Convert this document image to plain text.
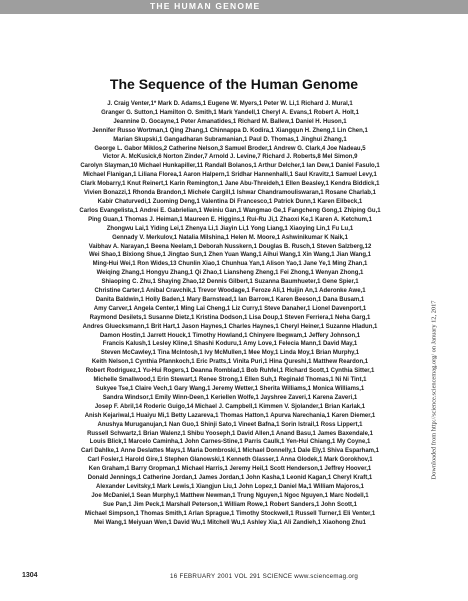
THE HUMAN GENOME
The Sequence of the Human Genome
J. Craig Venter,1* Mark D. Adams,1 Eugene W. Myers,1 Peter W. Li,1 Richard J. Mural,1
Granger G. Sutton,1 Hamilton O. Smith,1 Mark Yandell,1 Cheryl A. Evans,1 Robert A. Holt,1
Jeannine D. Gocayne,1 Peter Amanatides,1 Richard M. Ballew,1 Daniel H. Huson,1
Jennifer Russo Wortman,1 Qing Zhang,1 Chinnappa D. Kodira,1 Xiangqun H. Zheng,1 Lin Chen,1
Marian Skupski,1 Gangadharan Subramanian,1 Paul D. Thomas,1 Jinghui Zhang,1
George L. Gabor Miklos,2 Catherine Nelson,3 Samuel Broder,1 Andrew G. Clark,4 Joe Nadeau,5
Victor A. McKusick,6 Norton Zinder,7 Arnold J. Levine,7 Richard J. Roberts,8 Mel Simon,9
Carolyn Slayman,10 Michael Hunkapiller,11 Randall Bolanos,1 Arthur Delcher,1 Ian Dew,1 Daniel Fasulo,1
Michael Flanigan,1 Liliana Florea,1 Aaron Halpern,1 Sridhar Hannenhalli,1 Saul Kravitz,1 Samuel Levy,1
Clark Mobarry,1 Knut Reinert,1 Karin Remington,1 Jane Abu-Threideh,1 Ellen Beasley,1 Kendra Biddick,1
Vivien Bonazzi,1 Rhonda Brandon,1 Michele Cargill,1 Ishwar Chandramouliswaran,1 Rosane Charlab,1
Kabir Chaturvedi,1 Zuoming Deng,1 Valentina Di Francesco,1 Patrick Dunn,1 Karen Eilbeck,1
Carlos Evangelista,1 Andrei E. Gabrielian,1 Weiniu Gan,1 Wangmao Ge,1 Fangcheng Gong,1 Zhiping Gu,1
Ping Guan,1 Thomas J. Heiman,1 Maureen E. Higgins,1 Rui-Ru Ji,1 Zhaoxi Ke,1 Karen A. Ketchum,1
Zhongwu Lai,1 Yiding Lei,1 Zhenya Li,1 Jiayin Li,1 Yong Liang,1 Xiaoying Lin,1 Fu Lu,1
Gennady V. Merkulov,1 Natalia Milshina,1 Helen M. Moore,1 Ashwinikumar K Naik,1
Vaibhav A. Narayan,1 Beena Neelam,1 Deborah Nusskern,1 Douglas B. Rusch,1 Steven Salzberg,12
Wei Shao,1 Bixiong Shue,1 Jingtao Sun,1 Zhen Yuan Wang,1 Aihui Wang,1 Xin Wang,1 Jian Wang,1
Ming-Hui Wei,1 Ron Wides,13 Chunlin Xiao,1 Chunhua Yan,1 Alison Yao,1 Jane Ye,1 Ming Zhan,1
Weiqing Zhang,1 Hongyu Zhang,1 Qi Zhao,1 Liansheng Zheng,1 Fei Zhong,1 Wenyan Zhong,1
Shiaoping C. Zhu,1 Shaying Zhao,12 Dennis Gilbert,1 Suzanna Baumhueter,1 Gene Spier,1
Christine Carter,1 Anibal Cravchik,1 Trevor Woodage,1 Feroze Ali,1 Huijin An,1 Aderonke Awe,1
Danita Baldwin,1 Holly Baden,1 Mary Barnstead,1 Ian Barrow,1 Karen Beeson,1 Dana Busam,1
Amy Carver,1 Angela Center,1 Ming Lai Cheng,1 Liz Curry,1 Steve Danaher,1 Lionel Davenport,1
Raymond Desilets,1 Susanne Dietz,1 Kristina Dodson,1 Lisa Doup,1 Steven Ferriera,1 Neha Garg,1
Andres Gluecksmann,1 Brit Hart,1 Jason Haynes,1 Charles Haynes,1 Cheryl Heiner,1 Suzanne Hladun,1
Damon Hostin,1 Jarrett Houck,1 Timothy Howland,1 Chinyere Ibegwam,1 Jeffery Johnson,1
Francis Kalush,1 Lesley Kline,1 Shashi Koduru,1 Amy Love,1 Felecia Mann,1 David May,1
Steven McCawley,1 Tina McIntosh,1 Ivy McMullen,1 Mee Moy,1 Linda Moy,1 Brian Murphy,1
Keith Nelson,1 Cynthia Pfannkoch,1 Eric Pratts,1 Vinita Puri,1 Hina Qureshi,1 Matthew Reardon,1
Robert Rodriguez,1 Yu-Hui Rogers,1 Deanna Romblad,1 Bob Ruhfel,1 Richard Scott,1 Cynthia Sitter,1
Michelle Smallwood,1 Erin Stewart,1 Renee Strong,1 Ellen Suh,1 Reginald Thomas,1 Ni Ni Tint,1
Sukyee Tse,1 Claire Vech,1 Gary Wang,1 Jeremy Wetter,1 Sherita Williams,1 Monica Williams,1
Sandra Windsor,1 Emily Winn-Deen,1 Keriellen Wolfe,1 Jayshree Zaveri,1 Karena Zaveri,1
Josep F. Abril,14 Roderic Guigo,14 Michael J. Campbell,1 Kimmen V. Sjolander,1 Brian Karlak,1
Anish Kejariwal,1 Huaiyu Mi,1 Betty Lazareva,1 Thomas Hatton,1 Apurva Narechania,1 Karen Diemer,1
Anushya Muruganujan,1 Nan Guo,1 Shinji Sato,1 Vineet Bafna,1 Sorin Istrail,1 Ross Lippert,1
Russell Schwartz,1 Brian Walenz,1 Shibu Yooseph,1 David Allen,1 Anand Basu,1 James Baxendale,1
Louis Blick,1 Marcelo Caminha,1 John Carnes-Stine,1 Parris Caulk,1 Yen-Hui Chiang,1 My Coyne,1
Carl Dahlke,1 Anne Deslattes Mays,1 Maria Dombroski,1 Michael Donnelly,1 Dale Ely,1 Shiva Esparham,1
Carl Fosler,1 Harold Gire,1 Stephen Glanowski,1 Kenneth Glasser,1 Anna Glodek,1 Mark Gorokhov,1
Ken Graham,1 Barry Gropman,1 Michael Harris,1 Jeremy Heil,1 Scott Henderson,1 Jeffrey Hoover,1
Donald Jennings,1 Catherine Jordan,1 James Jordan,1 John Kasha,1 Leonid Kagan,1 Cheryl Kraft,1
Alexander Levitsky,1 Mark Lewis,1 Xiangjun Liu,1 John Lopez,1 Daniel Ma,1 William Majoros,1
Joe McDaniel,1 Sean Murphy,1 Matthew Newman,1 Trung Nguyen,1 Ngoc Nguyen,1 Marc Nodell,1
Sue Pan,1 Jim Peck,1 Marshall Peterson,1 William Rowe,1 Robert Sanders,1 John Scott,1
Michael Simpson,1 Thomas Smith,1 Arlan Sprague,1 Timothy Stockwell,1 Russell Turner,1 Eli Venter,1
Mei Wang,1 Meiyuan Wen,1 David Wu,1 Mitchell Wu,1 Ashley Xia,1 Ali Zandieh,1 Xiaohong Zhu1
Downloaded from http://science.sciencemag.org/ on January 12, 2017
1304	16 FEBRUARY 2001 VOL 291 SCIENCE www.sciencemag.org
